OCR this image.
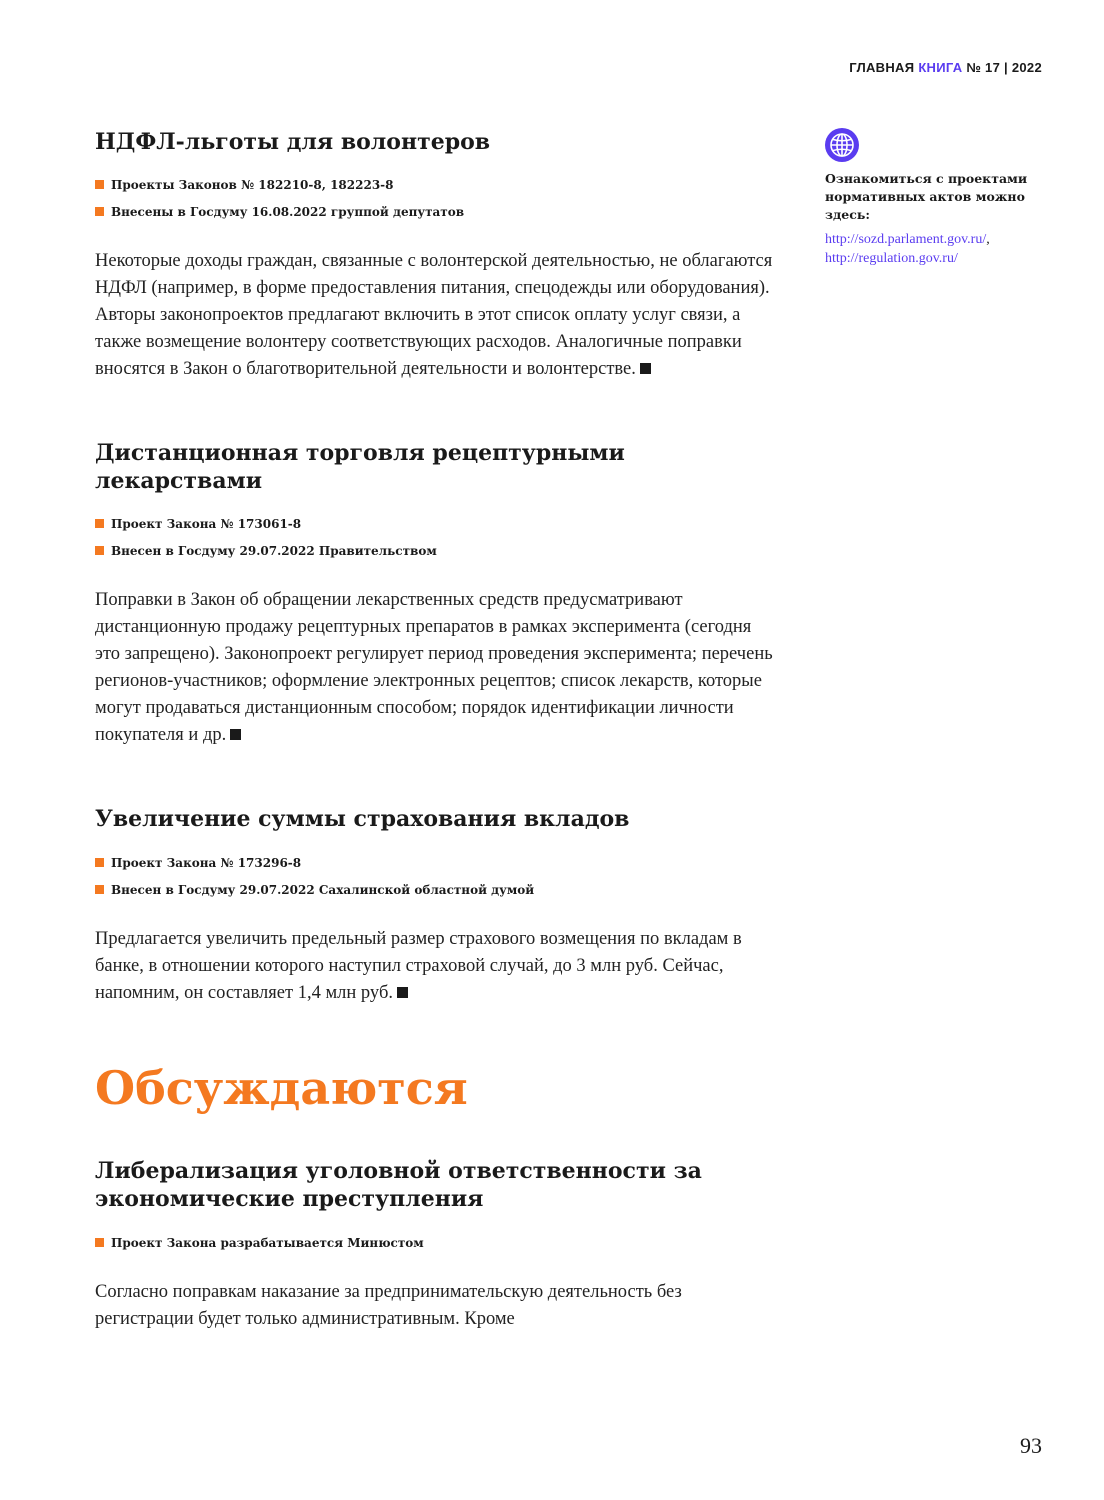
ГЛАВНАЯ КНИГА № 17 | 2022
НДФЛ-льготы для волонтеров
Проекты Законов № 182210-8, 182223-8
Внесены в Госдуму 16.08.2022 группой депутатов

Некоторые доходы граждан, связанные с волонтерской деятельностью, не облагаются НДФЛ (например, в форме предоставления питания, спецодежды или оборудования). Авторы законопроектов предлагают включить в этот список оплату услуг связи, а также возмещение волонтеру соответствующих расходов. Аналогичные поправки вносятся в Закон о благотворительной деятельности и волонтерстве.

Дистанционная торговля рецептурными лекарствами
Проект Закона № 173061-8
Внесен в Госдуму 29.07.2022 Правительством

Поправки в Закон об обращении лекарственных средств предусматривают дистанционную продажу рецептурных препаратов в рамках эксперимента (сегодня это запрещено). Законопроект регулирует период проведения эксперимента; перечень регионов-участников; оформление электронных рецептов; список лекарств, которые могут продаваться дистанционным способом; порядок идентификации личности покупателя и др.

Увеличение суммы страхования вкладов
Проект Закона № 173296-8
Внесен в Госдуму 29.07.2022 Сахалинской областной думой

Предлагается увеличить предельный размер страхового возмещения по вкладам в банке, в отношении которого наступил страховой случай, до 3 млн руб. Сейчас, напомним, он составляет 1,4 млн руб.

Обсуждаются
Либерализация уголовной ответственности за экономические преступления
Проект Закона разрабатывается Минюстом

Согласно поправкам наказание за предпринимательскую деятельность без регистрации будет только административным. Кроме

Ознакомиться с проектами нормативных актов можно здесь:

http://sozd.parlament.gov.ru/,
http://regulation.gov.ru/
93
